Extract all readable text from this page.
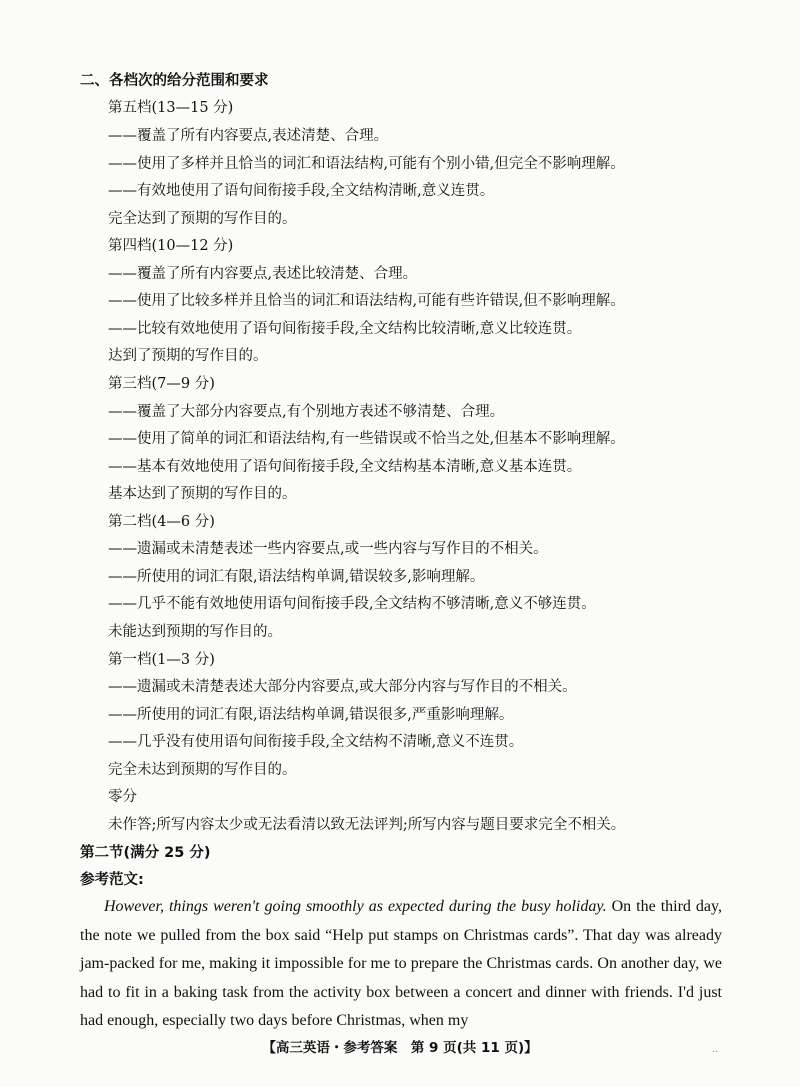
二、各档次的给分范围和要求
第五档(13—15 分)
——覆盖了所有内容要点,表述清楚、合理。
——使用了多样并且恰当的词汇和语法结构,可能有个别小错,但完全不影响理解。
——有效地使用了语句间衔接手段,全文结构清晰,意义连贯。
完全达到了预期的写作目的。
第四档(10—12 分)
——覆盖了所有内容要点,表述比较清楚、合理。
——使用了比较多样并且恰当的词汇和语法结构,可能有些许错误,但不影响理解。
——比较有效地使用了语句间衔接手段,全文结构比较清晰,意义比较连贯。
达到了预期的写作目的。
第三档(7—9 分)
——覆盖了大部分内容要点,有个别地方表述不够清楚、合理。
——使用了简单的词汇和语法结构,有一些错误或不恰当之处,但基本不影响理解。
——基本有效地使用了语句间衔接手段,全文结构基本清晰,意义基本连贯。
基本达到了预期的写作目的。
第二档(4—6 分)
——遗漏或未清楚表述一些内容要点,或一些内容与写作目的不相关。
——所使用的词汇有限,语法结构单调,错误较多,影响理解。
——几乎不能有效地使用语句间衔接手段,全文结构不够清晰,意义不够连贯。
未能达到预期的写作目的。
第一档(1—3 分)
——遗漏或未清楚表述大部分内容要点,或大部分内容与写作目的不相关。
——所使用的词汇有限,语法结构单调,错误很多,严重影响理解。
——几乎没有使用语句间衔接手段,全文结构不清晰,意义不连贯。
完全未达到预期的写作目的。
零分
未作答;所写内容太少或无法看清以致无法评判;所写内容与题目要求完全不相关。
第二节(满分 25 分)
参考范文:

However, things weren't going smoothly as expected during the busy holiday. On the third day, the note we pulled from the box said “Help put stamps on Christmas cards”. That day was already jam-packed for me, making it impossible for me to prepare the Christmas cards. On another day, we had to fit in a baking task from the activity box between a concert and dinner with friends. I'd just had enough, especially two days before Christmas, when my

【高三英语・参考答案　第 9 页(共 11 页)】	..
